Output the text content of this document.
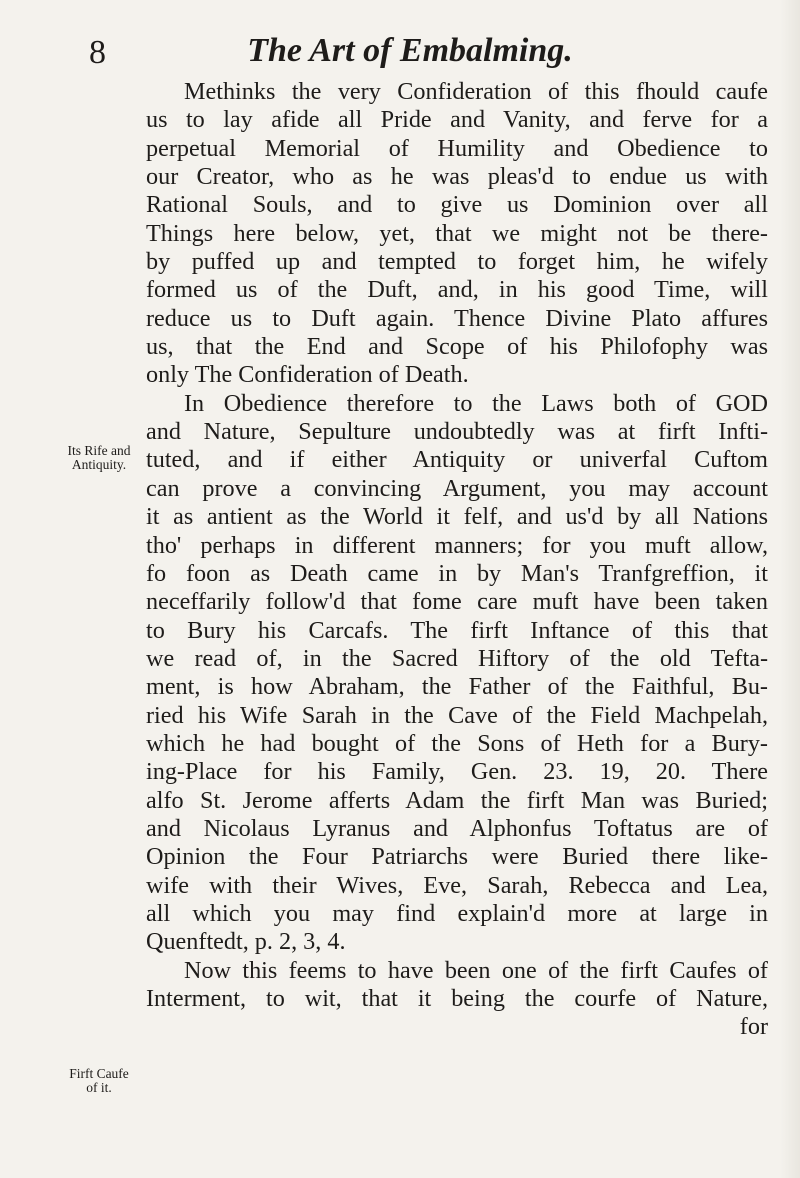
8	The Art of Embalming.
Its Rife and Antiquity.
Firft Caufe of it.
Methinks the very Confideration of this fhould caufe
us to lay afide all Pride and Vanity, and ferve for a
perpetual Memorial of Humility and Obedience to
our Creator, who as he was pleas'd to endue us with
Rational Souls, and to give us Dominion over all
Things here below, yet, that we might not be there-
by puffed up and tempted to forget him, he wifely
formed us of the Duft, and, in his good Time, will
reduce us to Duft again. Thence Divine Plato affures
us, that the End and Scope of his Philofophy was
only The Confideration of Death.
In Obedience therefore to the Laws both of GOD
and Nature, Sepulture undoubtedly was at firft Infti-
tuted, and if either Antiquity or univerfal Cuftom
can prove a convincing Argument, you may account
it as antient as the World it felf, and us'd by all Nations
tho' perhaps in different manners; for you muft allow,
fo foon as Death came in by Man's Tranfgreffion, it
neceffarily follow'd that fome care muft have been taken
to Bury his Carcafs. The firft Inftance of this that
we read of, in the Sacred Hiftory of the old Tefta-
ment, is how Abraham, the Father of the Faithful, Bu-
ried his Wife Sarah in the Cave of the Field Machpelah,
which he had bought of the Sons of Heth for a Bury-
ing-Place for his Family, Gen. 23. 19, 20. There
alfo St. Jerome afferts Adam the firft Man was Buried;
and Nicolaus Lyranus and Alphonfus Toftatus are of
Opinion the Four Patriarchs were Buried there like-
wife with their Wives, Eve, Sarah, Rebecca and Lea,
all which you may find explain'd more at large in
Quenftedt, p. 2, 3, 4.
Now this feems to have been one of the firft Caufes of
Interment, to wit, that it being the courfe of Nature,
for
